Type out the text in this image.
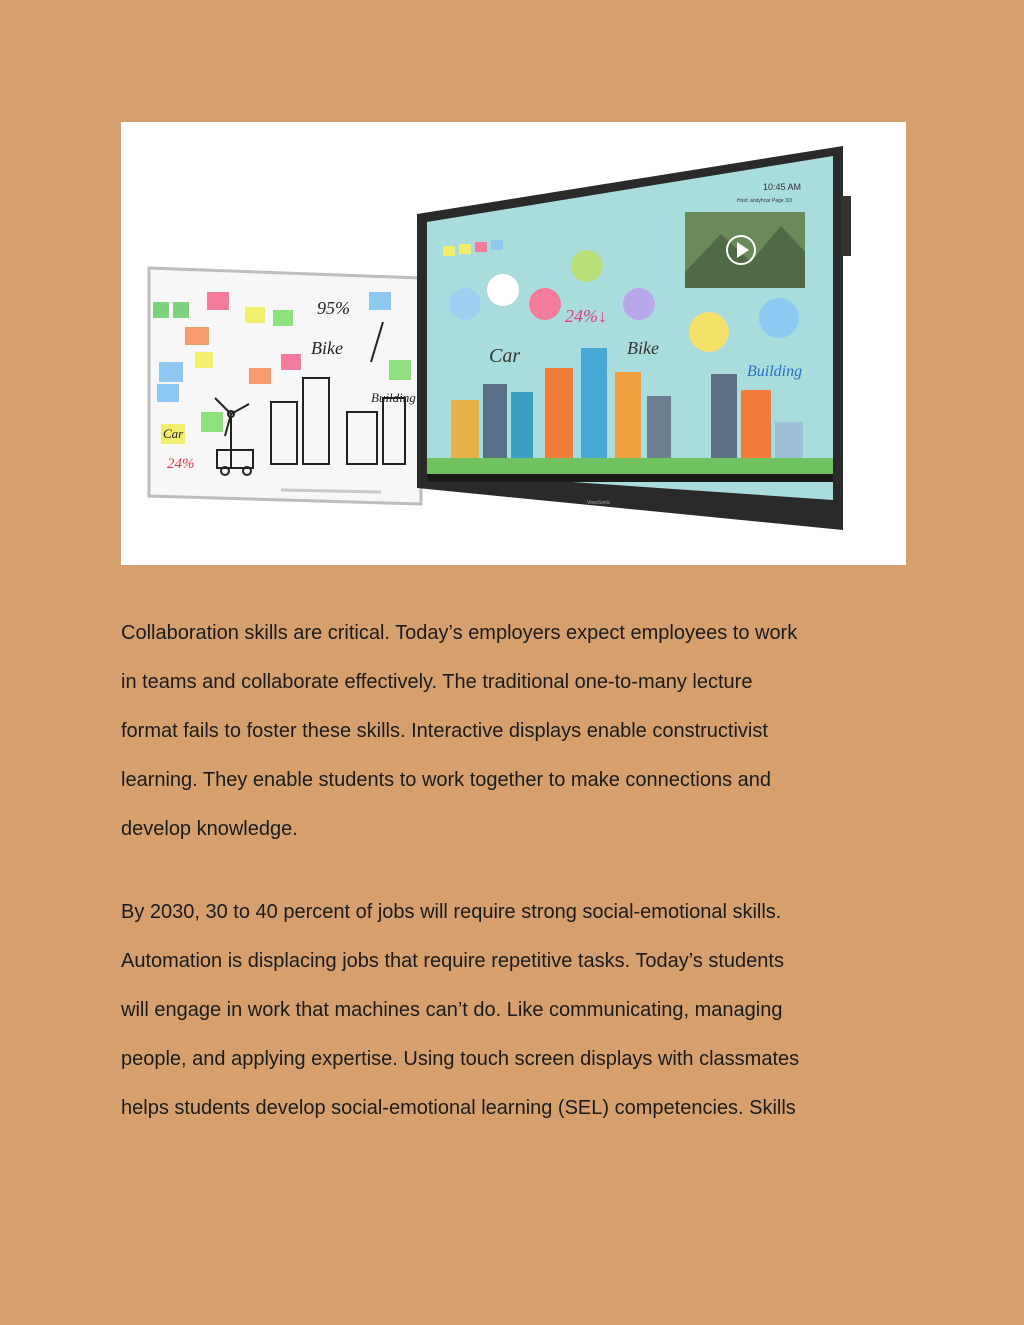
Bike
Building
Car
95%
24%
10:45 AM
Host: andyhcar Page 3/3
Car	Bike
Building
24%↓
ViewSonic

Collaboration skills are critical. Today’s employers expect employees to work

in teams and collaborate effectively. The traditional one-to-many lecture

format fails to foster these skills. Interactive displays enable constructivist

learning. They enable students to work together to make connections and

develop knowledge.

By 2030, 30 to 40 percent of jobs will require strong social-emotional skills.

Automation is displacing jobs that require repetitive tasks. Today’s students

will engage in work that machines can’t do. Like communicating, managing

people, and applying expertise. Using touch screen displays with classmates

helps students develop social-emotional learning (SEL) competencies. Skills
